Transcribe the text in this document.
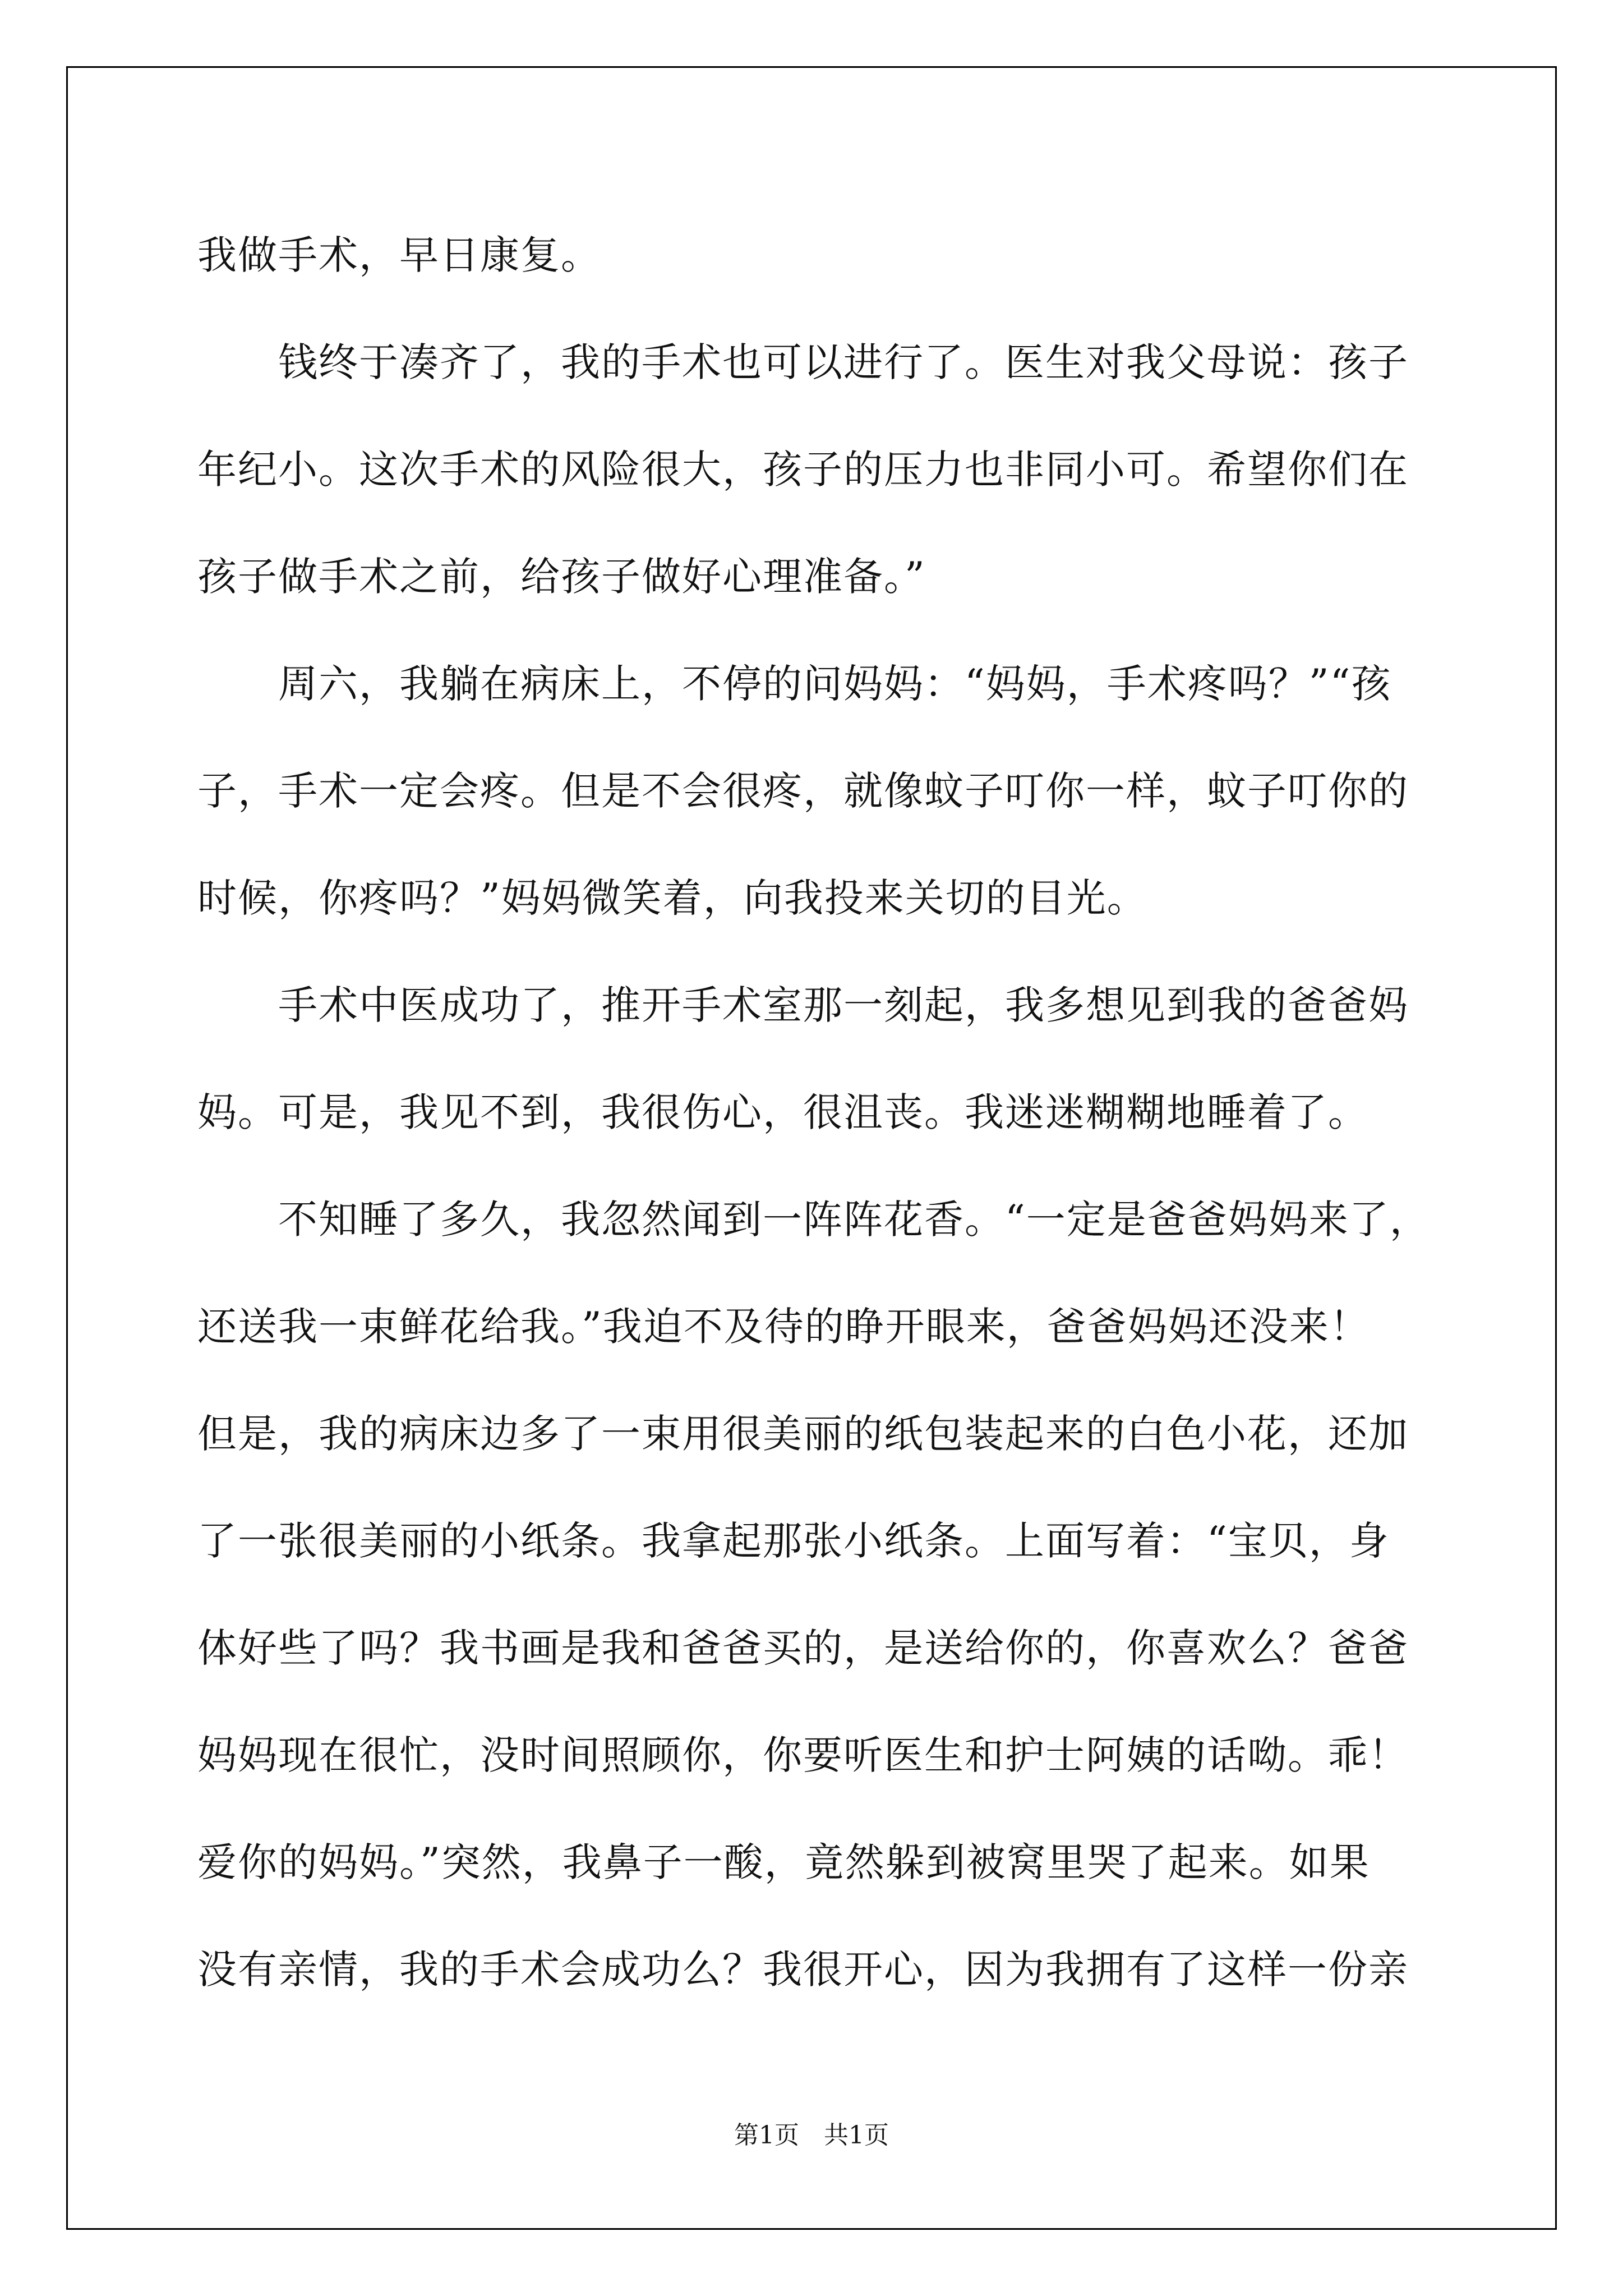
我做手术，早日康复。
　　钱终于凑齐了，我的手术也可以进行了。医生对我父母说：孩子
年纪小。这次手术的风险很大，孩子的压力也非同小可。希望你们在
孩子做手术之前，给孩子做好心理准备。”
　　周六，我躺在病床上，不停的问妈妈：“妈妈，手术疼吗？”“孩
子，手术一定会疼。但是不会很疼，就像蚊子叮你一样，蚊子叮你的
时候，你疼吗？”妈妈微笑着，向我投来关切的目光。
　　手术中医成功了，推开手术室那一刻起，我多想见到我的爸爸妈
妈。可是，我见不到，我很伤心，很沮丧。我迷迷糊糊地睡着了。
　　不知睡了多久，我忽然闻到一阵阵花香。“一定是爸爸妈妈来了，
还送我一束鲜花给我。”我迫不及待的睁开眼来，爸爸妈妈还没来！
但是，我的病床边多了一束用很美丽的纸包装起来的白色小花，还加
了一张很美丽的小纸条。我拿起那张小纸条。上面写着：“宝贝，身
体好些了吗？我书画是我和爸爸买的，是送给你的，你喜欢么？爸爸
妈妈现在很忙，没时间照顾你，你要听医生和护士阿姨的话呦。乖！
爱你的妈妈。”突然，我鼻子一酸，竟然躲到被窝里哭了起来。如果
没有亲情，我的手术会成功么？我很开心，因为我拥有了这样一份亲
第1页　共1页
